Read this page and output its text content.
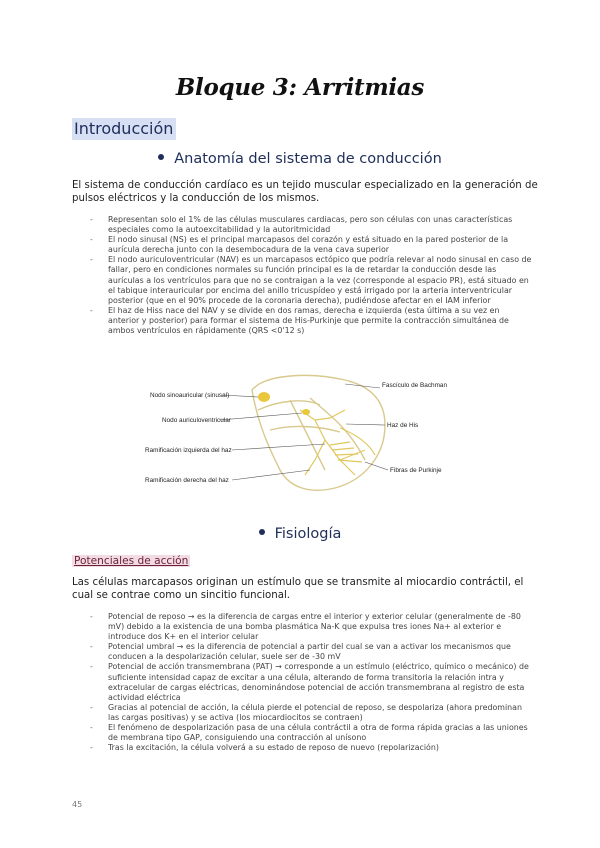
Bloque 3: Arritmias
Introducción
Anatomía del sistema de conducción
El sistema de conducción cardíaco es un tejido muscular especializado en la generación de pulsos eléctricos y la conducción de los mismos.
- Representan solo el 1% de las células musculares cardiacas, pero son células con unas características especiales como la autoexcitabilidad y la autoritmicidad
- El nodo sinusal (NS) es el principal marcapasos del corazón y está situado en la pared posterior de la aurícula derecha junto con la desembocadura de la vena cava superior
- El nodo auriculoventricular (NAV) es un marcapasos ectópico que podría relevar al nodo sinusal en caso de fallar, pero en condiciones normales su función principal es la de retardar la conducción desde las aurículas a los ventrículos para que no se contraigan a la vez (corresponde al espacio PR), está situado en el tabique interauricular por encima del anillo tricuspídeo y está irrigado por la arteria interventricular posterior (que en el 90% procede de la coronaria derecha), pudiéndose afectar en el IAM inferior
- El haz de Hiss nace del NAV y se divide en dos ramas, derecha e izquierda (esta última a su vez en anterior y posterior) para formar el sistema de His-Purkinje que permite la contracción simultánea de ambos ventrículos en rápidamente (QRS <0'12 s)
Nodo sinoauricular (sinusal)
Nodo auriculoventricular
Ramificación izquierda del haz
Ramificación derecha del haz
Fascículo de Bachman
Haz de His
Fibras de Purkinje
Fisiología
Potenciales de acción
Las células marcapasos originan un estímulo que se transmite al miocardio contráctil, el cual se contrae como un sincitio funcional.
- Potencial de reposo → es la diferencia de cargas entre el interior y exterior celular (generalmente de -80 mV) debido a la existencia de una bomba plasmática Na-K que expulsa tres iones Na+ al exterior e introduce dos K+ en el interior celular
- Potencial umbral → es la diferencia de potencial a partir del cual se van a activar los mecanismos que conducen a la despolarización celular, suele ser de -30 mV
- Potencial de acción transmembrana (PAT) → corresponde a un estímulo (eléctrico, químico o mecánico) de suficiente intensidad capaz de excitar a una célula, alterando de forma transitoria la relación intra y extracelular de cargas eléctricas, denominándose potencial de acción transmembrana al registro de esta actividad eléctrica
- Gracias al potencial de acción, la célula pierde el potencial de reposo, se despolariza (ahora predominan las cargas positivas) y se activa (los miocardiocitos se contraen)
- El fenómeno de despolarización pasa de una célula contráctil a otra de forma rápida gracias a las uniones de membrana tipo GAP, consiguiendo una contracción al unísono
- Tras la excitación, la célula volverá a su estado de reposo de nuevo (repolarización)
45
